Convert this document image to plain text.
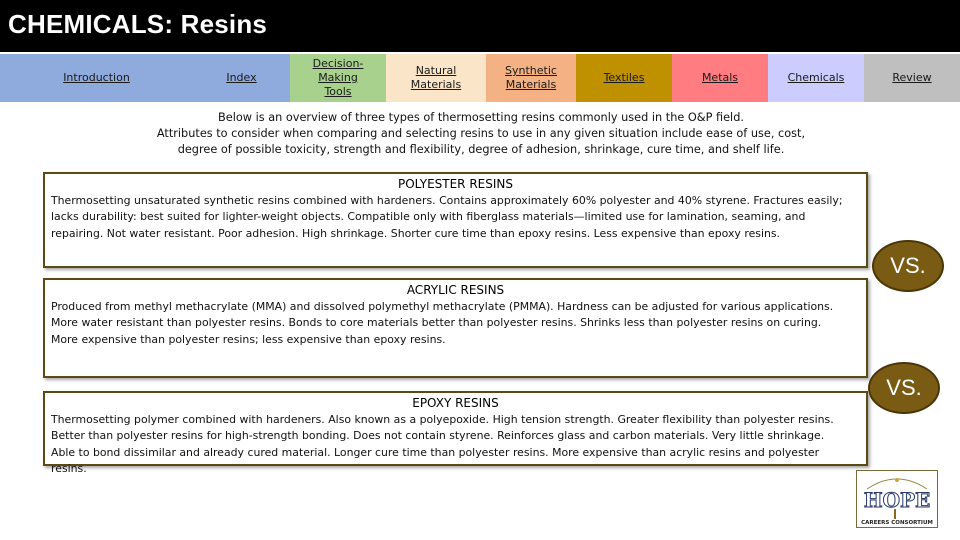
CHEMICALS: Resins
Introduction	Index
Decision-Making Tools
Natural Materials
Synthetic Materials
Textiles	Metals	Chemicals	Review
Below is an overview of three types of thermosetting resins commonly used in the O&P field.
Attributes to consider when comparing and selecting resins to use in any given situation include ease of use, cost,
degree of possible toxicity, strength and flexibility, degree of adhesion, shrinkage, cure time, and shelf life.
POLYESTER RESINS
Thermosetting unsaturated synthetic resins combined with hardeners. Contains approximately 60% polyester and 40% styrene. Fractures easily;
lacks durability: best suited for lighter-weight objects. Compatible only with fiberglass materials—limited use for lamination, seaming, and
repairing. Not water resistant. Poor adhesion. High shrinkage. Shorter cure time than epoxy resins. Less expensive than epoxy resins.
ACRYLIC RESINS
Produced from methyl methacrylate (MMA) and dissolved polymethyl methacrylate (PMMA). Hardness can be adjusted for various applications.
More water resistant than polyester resins. Bonds to core materials better than polyester resins. Shrinks less than polyester resins on curing.
More expensive than polyester resins; less expensive than epoxy resins.
EPOXY RESINS
Thermosetting polymer combined with hardeners. Also known as a polyepoxide. High tension strength. Greater flexibility than polyester resins.
Better than polyester resins for high-strength bonding. Does not contain styrene. Reinforces glass and carbon materials. Very little shrinkage.
Able to bond dissimilar and already cured material. Longer cure time than polyester resins. More expensive than acrylic resins and polyester
resins.
VS.
VS.
HOPE
CAREERS CONSORTIUM
